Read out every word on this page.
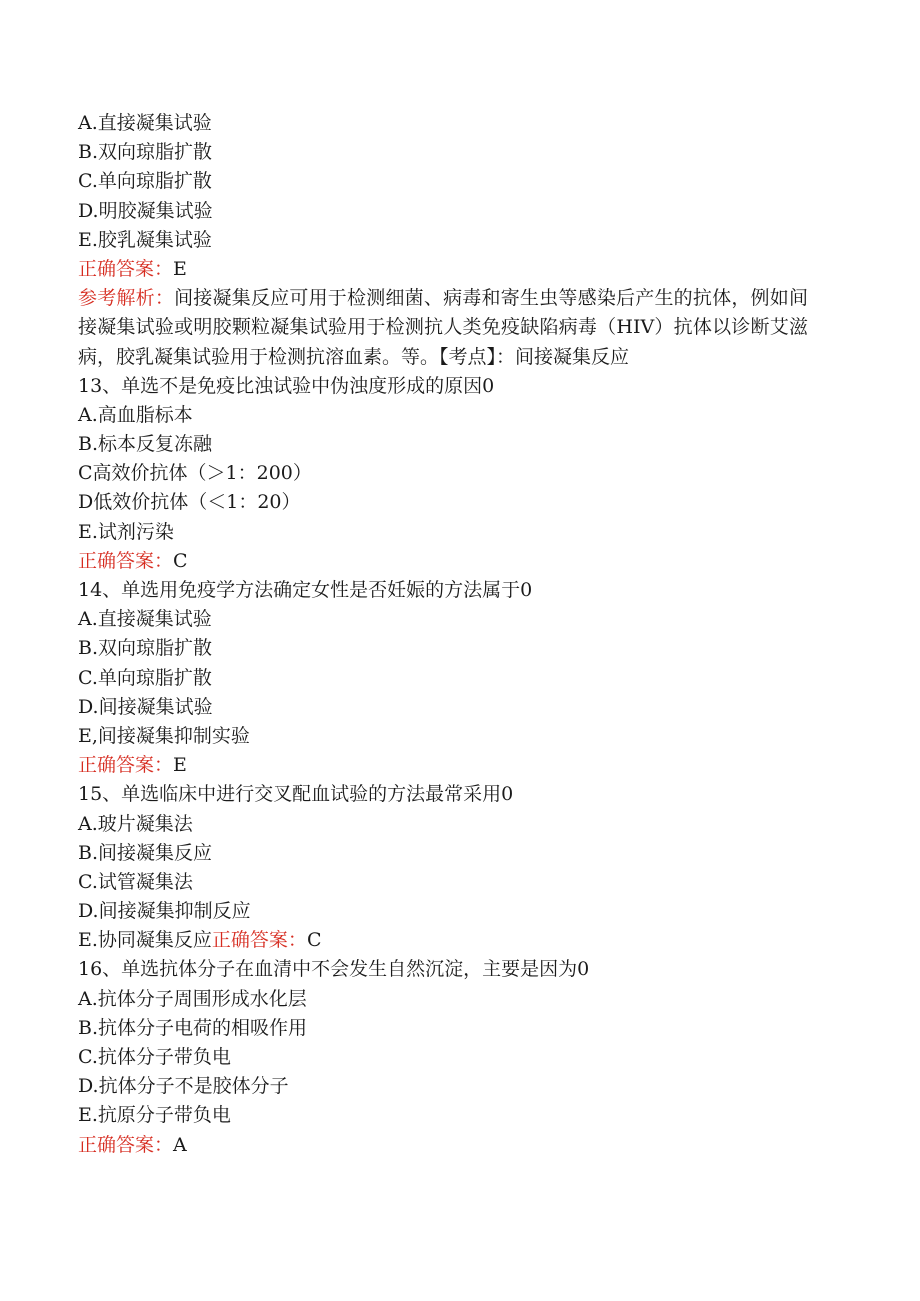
A.直接凝集试验
B.双向琼脂扩散
C.单向琼脂扩散
D.明胶凝集试验
E.胶乳凝集试验
正确答案：E
参考解析：间接凝集反应可用于检测细菌、病毒和寄生虫等感染后产生的抗体，例如间接凝集试验或明胶颗粒凝集试验用于检测抗人类免疫缺陷病毒（HIV）抗体以诊断艾滋病，胶乳凝集试验用于检测抗溶血素。等。【考点】：间接凝集反应
13、单选不是免疫比浊试验中伪浊度形成的原因0
A.高血脂标本
B.标本反复冻融
C高效价抗体（＞1：200）
D低效价抗体（＜1：20）
E.试剂污染
正确答案：C
14、单选用免疫学方法确定女性是否妊娠的方法属于0
A.直接凝集试验
B.双向琼脂扩散
C.单向琼脂扩散
D.间接凝集试验
E,间接凝集抑制实验
正确答案：E
15、单选临床中进行交叉配血试验的方法最常采用0
A.玻片凝集法
B.间接凝集反应
C.试管凝集法
D.间接凝集抑制反应
E.协同凝集反应正确答案：C
16、单选抗体分子在血清中不会发生自然沉淀，主要是因为0
A.抗体分子周围形成水化层
B.抗体分子电荷的相吸作用
C.抗体分子带负电
D.抗体分子不是胶体分子
E.抗原分子带负电
正确答案：A
